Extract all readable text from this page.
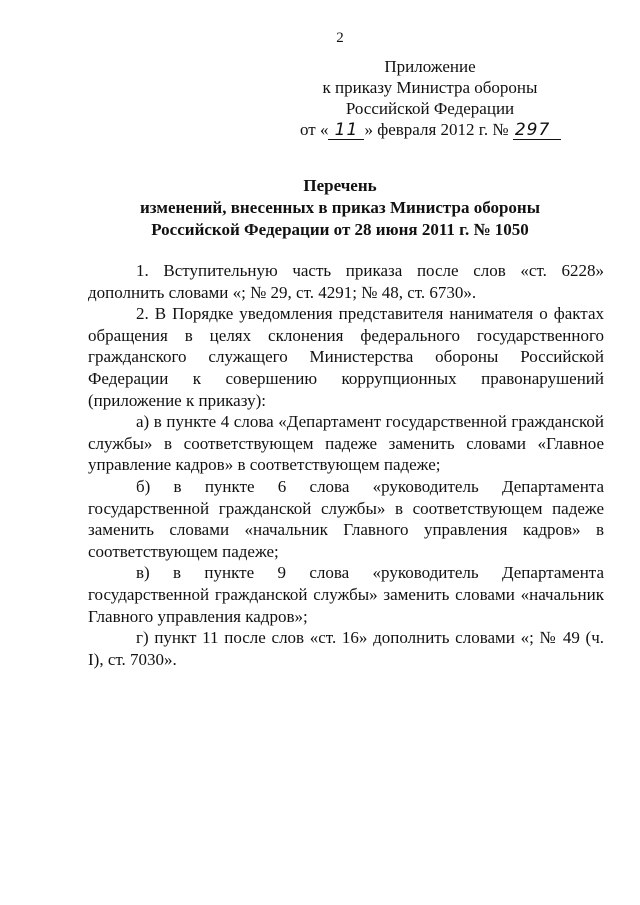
2
Приложение
к приказу Министра обороны
Российской Федерации
от « 11 » февраля 2012 г. № 297
Перечень
изменений, внесенных в приказ Министра обороны
Российской Федерации от 28 июня 2011 г. № 1050

1. Вступительную часть приказа после слов «ст. 6228» дополнить словами «; № 29, ст. 4291; № 48, ст. 6730».

2. В Порядке уведомления представителя нанимателя о фактах обращения в целях склонения федерального государственного гражданского служащего Министерства обороны Российской Федерации к совершению коррупционных правонарушений (приложение к приказу):

а) в пункте 4 слова «Департамент государственной гражданской службы» в соответствующем падеже заменить словами «Главное управление кадров» в соответствующем падеже;

б) в пункте 6 слова «руководитель Департамента государственной гражданской службы» в соответствующем падеже заменить словами «начальник Главного управления кадров» в соответствующем падеже;

в) в пункте 9 слова «руководитель Департамента государственной гражданской службы» заменить словами «начальник Главного управления кадров»;

г) пункт 11 после слов «ст. 16» дополнить словами «; № 49 (ч. I), ст. 7030».
